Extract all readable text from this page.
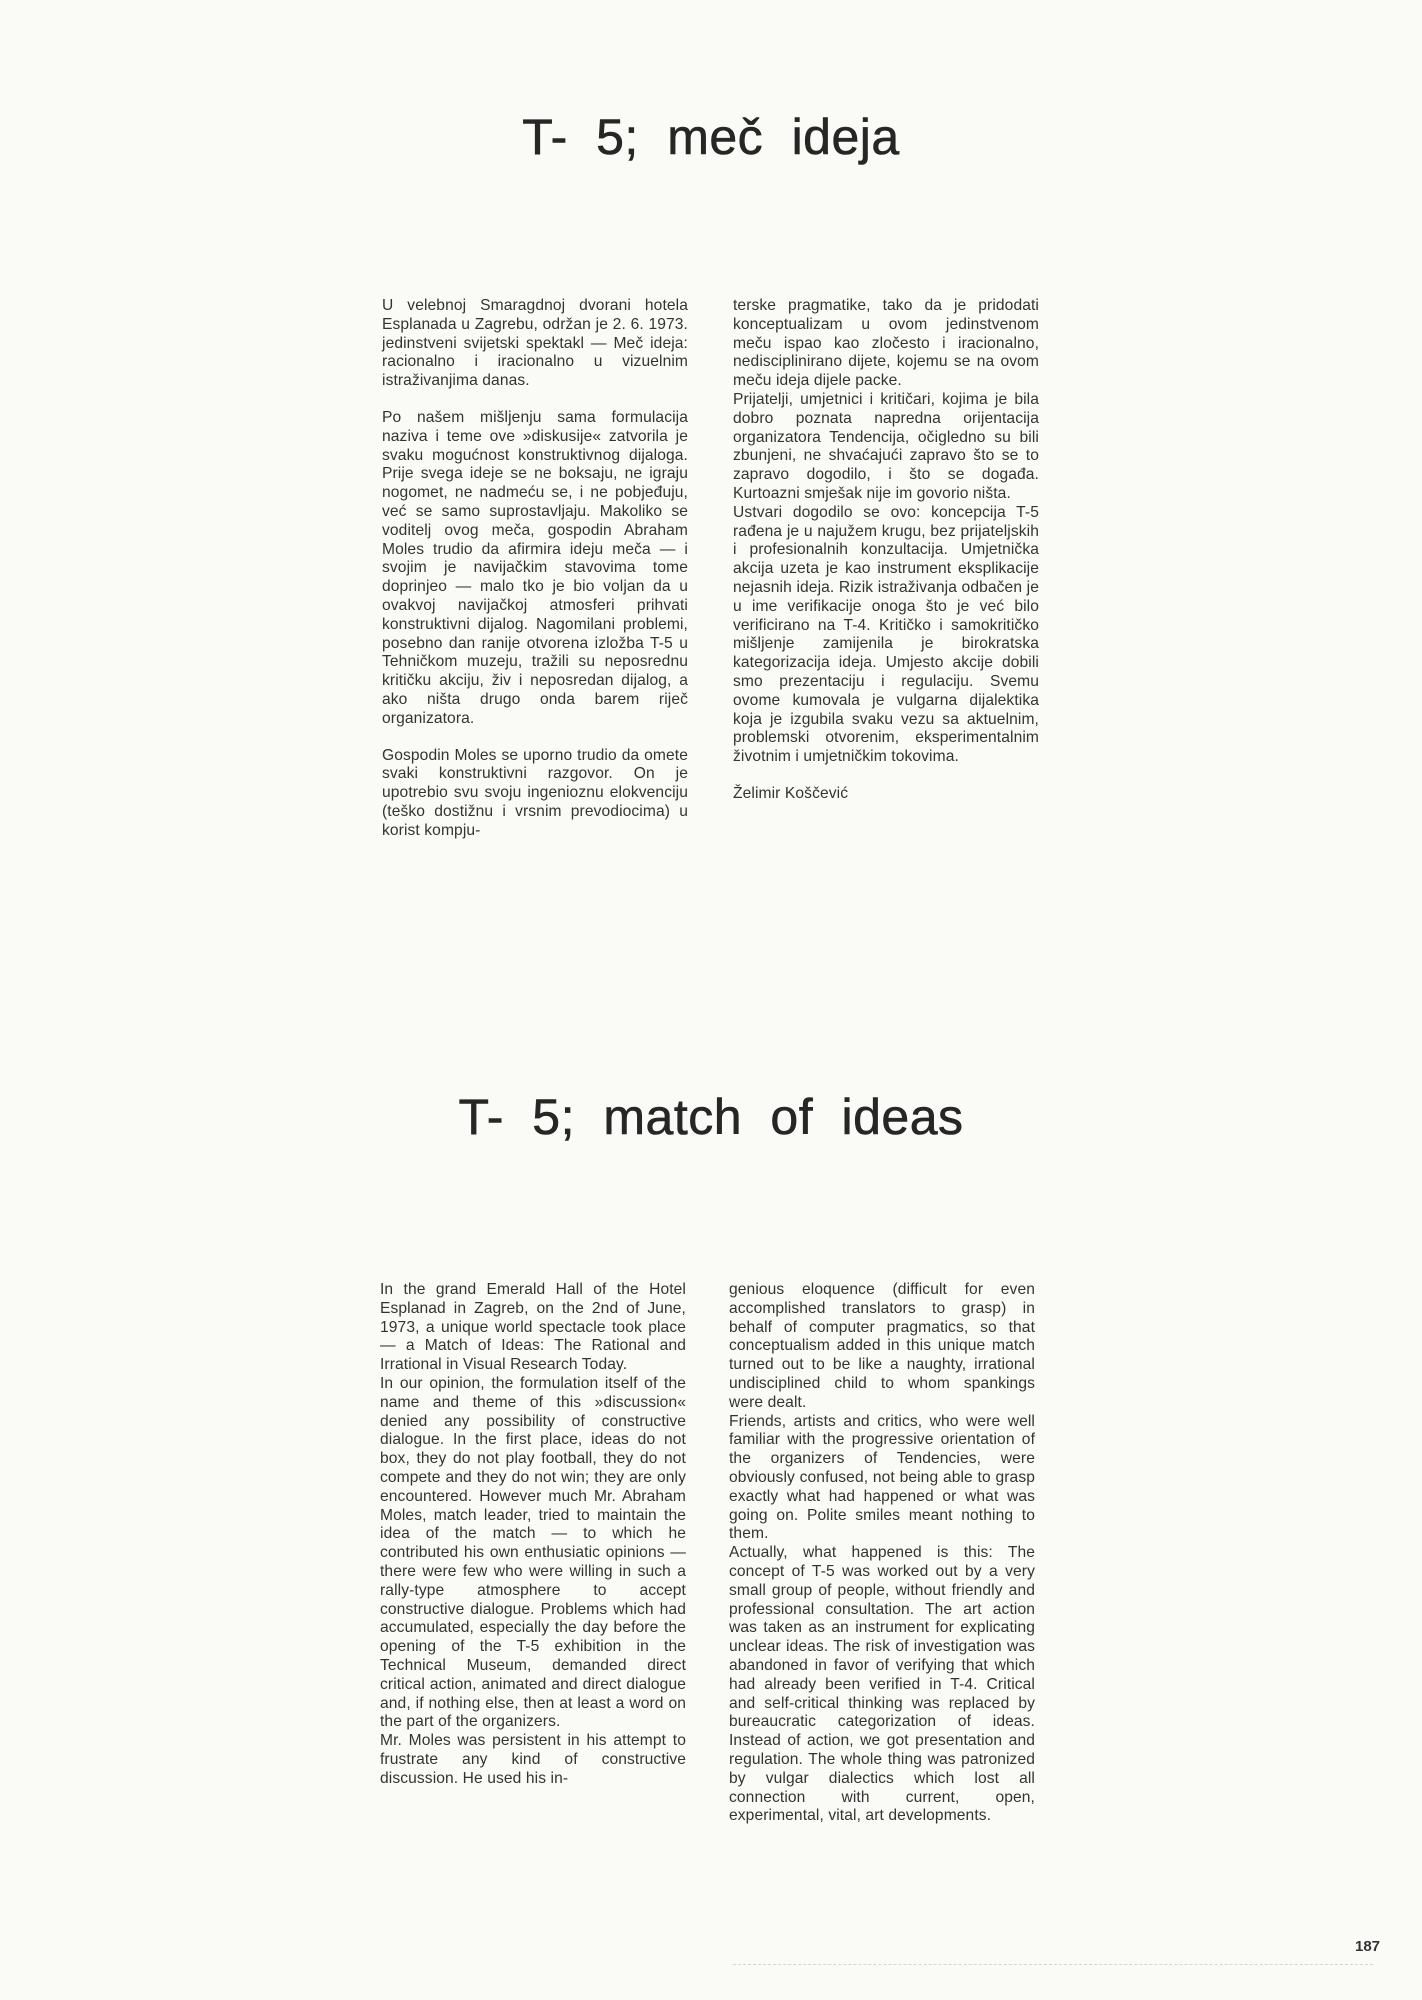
T- 5; meč ideja

U velebnoj Smaragdnoj dvorani hotela Esplanada u Zagrebu, održan je 2. 6. 1973. jedinstveni svijetski spektakl — Meč ideja: racionalno i iracionalno u vizuelnim istraživanjima danas.

Po našem mišljenju sama formulacija naziva i teme ove »diskusije« zatvorila je svaku mogućnost konstruktivnog dijaloga. Prije svega ideje se ne boksaju, ne igraju nogomet, ne nadmeću se, i ne pobjeđuju, već se samo suprostavljaju. Makoliko se voditelj ovog meča, gospodin Abraham Moles trudio da afirmira ideju meča — i svojim je navijačkim stavovima tome doprinjeo — malo tko je bio voljan da u ovakvoj navijačkoj atmosferi prihvati konstruktivni dijalog. Nagomilani problemi, posebno dan ranije otvorena izložba T-5 u Tehničkom muzeju, tražili su neposrednu kritičku akciju, živ i neposredan dijalog, a ako ništa drugo onda barem riječ organizatora.

Gospodin Moles se uporno trudio da omete svaki konstruktivni razgovor. On je upotrebio svu svoju ingenioznu elokvenciju (teško dostižnu i vrsnim prevodiocima) u korist kompju-

terske pragmatike, tako da je pridodati konceptualizam u ovom jedinstvenom meču ispao kao zločesto i iracionalno, nedisciplinirano dijete, kojemu se na ovom meču ideja dijele packe.

Prijatelji, umjetnici i kritičari, kojima je bila dobro poznata napredna orijentacija organizatora Tendencija, očigledno su bili zbunjeni, ne shvaćajući zapravo što se to zapravo dogodilo, i što se događa. Kurtoazni smješak nije im govorio ništa.

Ustvari dogodilo se ovo: koncepcija T-5 rađena je u najužem krugu, bez prijateljskih i profesionalnih konzultacija. Umjetnička akcija uzeta je kao instrument eksplikacije nejasnih ideja. Rizik istraživanja odbačen je u ime verifikacije onoga što je već bilo verificirano na T-4. Kritičko i samokritičko mišljenje zamijenila je birokratska kategorizacija ideja. Umjesto akcije dobili smo prezentaciju i regulaciju. Svemu ovome kumovala je vulgarna dijalektika koja je izgubila svaku vezu sa aktuelnim, problemski otvorenim, eksperimentalnim životnim i umjetničkim tokovima.

Želimir Koščević

T- 5; match of ideas

In the grand Emerald Hall of the Hotel Esplanad in Zagreb, on the 2nd of June, 1973, a unique world spectacle took place — a Match of Ideas: The Rational and Irrational in Visual Research Today.

In our opinion, the formulation itself of the name and theme of this »discussion« denied any possibility of constructive dialogue. In the first place, ideas do not box, they do not play football, they do not compete and they do not win; they are only encountered. However much Mr. Abraham Moles, match leader, tried to maintain the idea of the match — to which he contributed his own enthusiatic opinions — there were few who were willing in such a rally-type atmosphere to accept constructive dialogue. Problems which had accumulated, especially the day before the opening of the T-5 exhibition in the Technical Museum, demanded direct critical action, animated and direct dialogue and, if nothing else, then at least a word on the part of the organizers.

Mr. Moles was persistent in his attempt to frustrate any kind of constructive discussion. He used his in-

genious eloquence (difficult for even accomplished translators to grasp) in behalf of computer pragmatics, so that conceptualism added in this unique match turned out to be like a naughty, irrational undisciplined child to whom spankings were dealt.

Friends, artists and critics, who were well familiar with the progressive orientation of the organizers of Tendencies, were obviously confused, not being able to grasp exactly what had happened or what was going on. Polite smiles meant nothing to them.

Actually, what happened is this: The concept of T-5 was worked out by a very small group of people, without friendly and professional consultation. The art action was taken as an instrument for explicating unclear ideas. The risk of investigation was abandoned in favor of verifying that which had already been verified in T-4. Critical and self-critical thinking was replaced by bureaucratic categorization of ideas. Instead of action, we got presentation and regulation. The whole thing was patronized by vulgar dialectics which lost all connection with current, open, experimental, vital, art developments.

187
